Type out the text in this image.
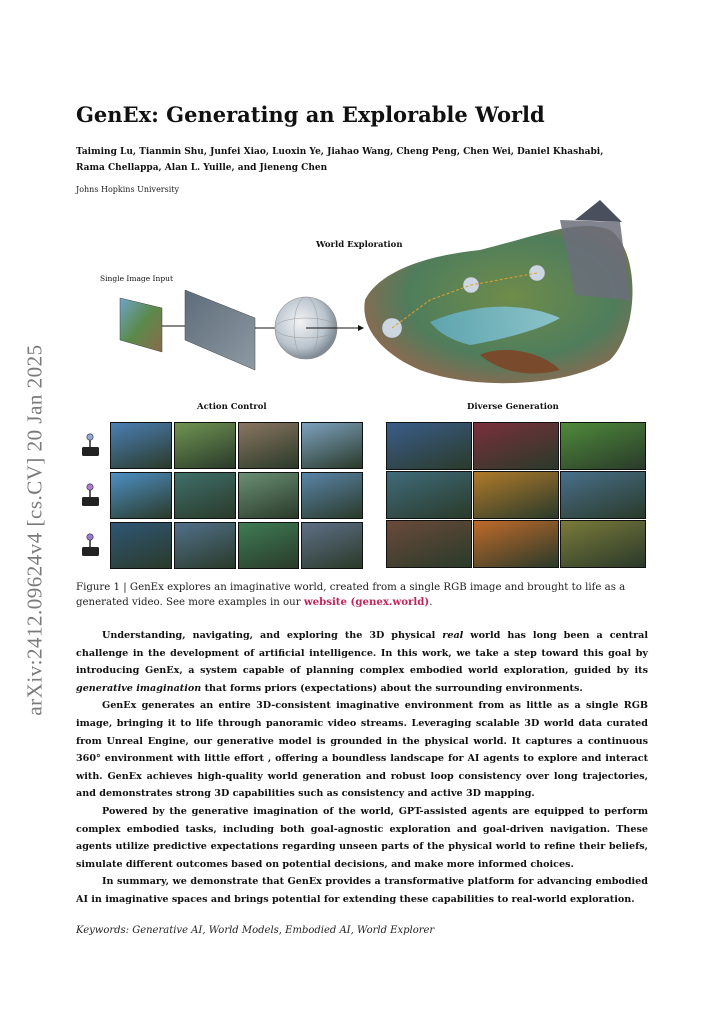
arXiv:2412.09624v4 [cs.CV] 20 Jan 2025
GenEx: Generating an Explorable World
Taiming Lu, Tianmin Shu, Junfei Xiao, Luoxin Ye, Jiahao Wang, Cheng Peng, Chen Wei, Daniel Khashabi,
Rama Chellappa, Alan L. Yuille, and Jieneng Chen
Johns Hopkins University
World Exploration
Single Image Input
Action Control	Diverse Generation
Figure 1 | GenEx explores an imaginative world, created from a single RGB image and brought to life as a generated video. See more examples in our website (genex.world).

Understanding, navigating, and exploring the 3D physical real world has long been a central challenge in the development of artificial intelligence. In this work, we take a step toward this goal by introducing GenEx, a system capable of planning complex embodied world exploration, guided by its generative imagination that forms priors (expectations) about the surrounding environments.

GenEx generates an entire 3D-consistent imaginative environment from as little as a single RGB image, bringing it to life through panoramic video streams. Leveraging scalable 3D world data curated from Unreal Engine, our generative model is grounded in the physical world. It captures a continuous 360° environment with little effort , offering a boundless landscape for AI agents to explore and interact with. GenEx achieves high-quality world generation and robust loop consistency over long trajectories, and demonstrates strong 3D capabilities such as consistency and active 3D mapping.

Powered by the generative imagination of the world, GPT-assisted agents are equipped to perform complex embodied tasks, including both goal-agnostic exploration and goal-driven navigation. These agents utilize predictive expectations regarding unseen parts of the physical world to refine their beliefs, simulate different outcomes based on potential decisions, and make more informed choices.

In summary, we demonstrate that GenEx provides a transformative platform for advancing embodied AI in imaginative spaces and brings potential for extending these capabilities to real-world exploration.

Keywords: Generative AI, World Models, Embodied AI, World Explorer
